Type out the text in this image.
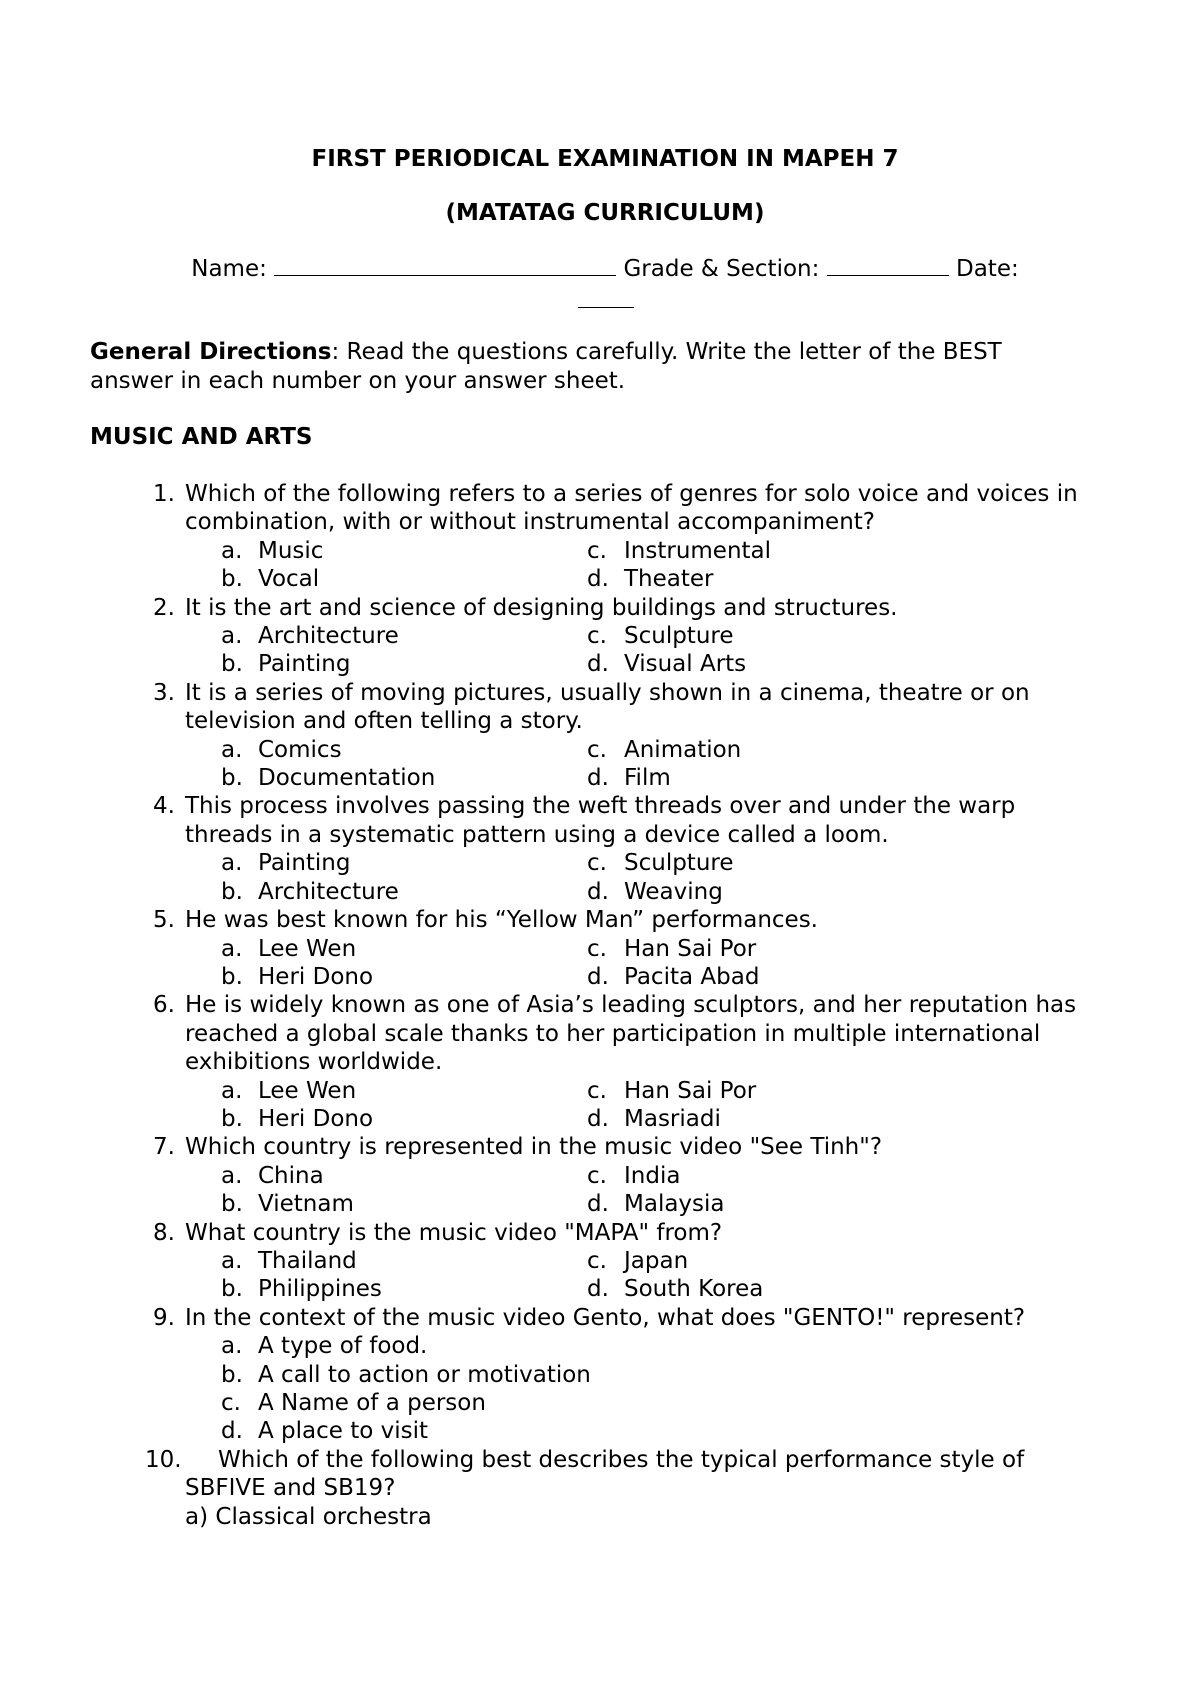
FIRST PERIODICAL EXAMINATION IN MAPEH 7
(MATATAG CURRICULUM)
Name:	Grade & Section:	Date:
General Directions: Read the questions carefully. Write the letter of the BEST answer in each number on your answer sheet.
MUSIC AND ARTS
1. Which of the following refers to a series of genres for solo voice and voices in combination, with or without instrumental accompaniment?
a. Music	c. Instrumental
b. Vocal	d. Theater
2. It is the art and science of designing buildings and structures.
a. Architecture	c. Sculpture
b. Painting	d. Visual Arts
3. It is a series of moving pictures, usually shown in a cinema, theatre or on television and often telling a story.
a. Comics	c. Animation
b. Documentation	d. Film
4. This process involves passing the weft threads over and under the warp threads in a systematic pattern using a device called a loom.
a. Painting	c. Sculpture
b. Architecture	d. Weaving
5. He was best known for his “Yellow Man” performances.
a. Lee Wen	c. Han Sai Por
b. Heri Dono	d. Pacita Abad
6. He is widely known as one of Asia’s leading sculptors, and her reputation has reached a global scale thanks to her participation in multiple international exhibitions worldwide.
a. Lee Wen	c. Han Sai Por
b. Heri Dono	d. Masriadi
7. Which country is represented in the music video "See Tinh"?
a. China	c. India
b. Vietnam	d. Malaysia
8. What country is the music video "MAPA" from?
a. Thailand	c. Japan
b. Philippines	d. South Korea
9. In the context of the music video Gento, what does "GENTO!" represent?
a. A type of food.
b. A call to action or motivation
c. A Name of a person
d. A place to visit
10.	Which of the following best describes the typical performance style of SBFIVE and SB19?
a) Classical orchestra
